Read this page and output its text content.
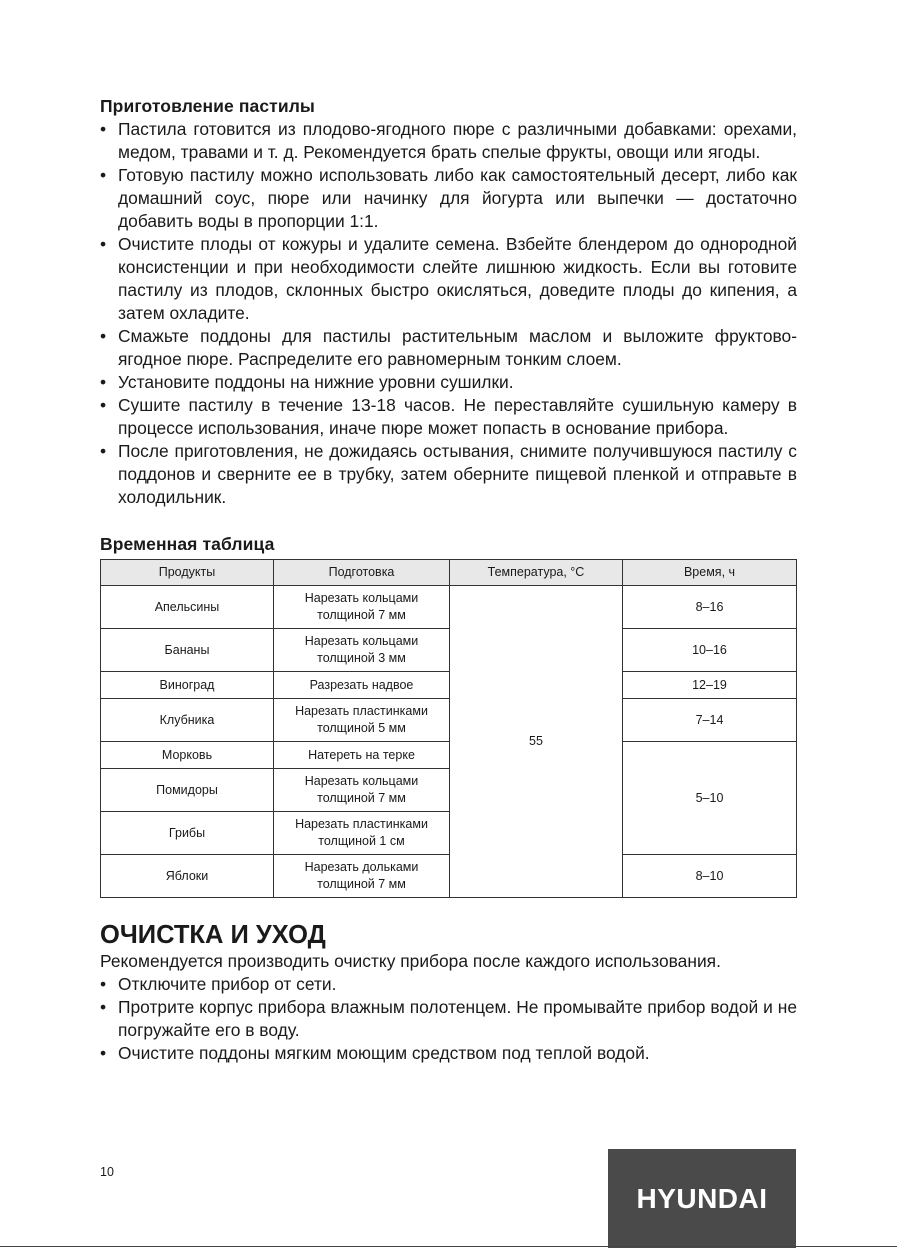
Приготовление пастилы
• Пастила готовится из плодово-ягодного пюре с различными добавками: орехами, медом, травами и т. д. Рекомендуется брать спелые фрукты, овощи или ягоды.
• Готовую пастилу можно использовать либо как самостоятельный десерт, либо как домашний соус, пюре или начинку для йогурта или выпечки — достаточно добавить воды в пропорции 1:1.
• Очистите плоды от кожуры и удалите семена. Взбейте блендером до однородной консистенции и при необходимости слейте лишнюю жидкость. Если вы готовите пастилу из плодов, склонных быстро окисляться, доведите плоды до кипения, а затем охладите.
• Смажьте поддоны для пастилы растительным маслом и выложите фруктово-ягодное пюре. Распределите его равномерным тонким слоем.
• Установите поддоны на нижние уровни сушилки.
• Сушите пастилу в течение 13-18 часов. Не переставляйте сушильную камеру в процессе использования, иначе пюре может попасть в основание прибора.
• После приготовления, не дожидаясь остывания, снимите получившуюся пастилу с поддонов и сверните ее в трубку, затем оберните пищевой пленкой и отправьте в холодильник.
Временная таблица
Продукты	Подготовка	Температура, °C	Время, ч
Апельсины	Нарезать кольцами толщиной 7 мм	55	8–16
Бананы	Нарезать кольцами толщиной 3 мм		10–16
Виноград	Разрезать надвое		12–19
Клубника	Нарезать пластинками толщиной 5 мм		7–14
Морковь	Натереть на терке		5–10
Помидоры	Нарезать кольцами толщиной 7 мм		
Грибы	Нарезать пластинками толщиной 1 см		
Яблоки	Нарезать дольками толщиной 7 мм		8–10
ОЧИСТКА И УХОД

Рекомендуется производить очистку прибора после каждого использования.

• Отключите прибор от сети.
• Протрите корпус прибора влажным полотенцем. Не промывайте прибор водой и не погружайте его в воду.
• Очистите поддоны мягким моющим средством под теплой водой.
10
HYUNDAI
